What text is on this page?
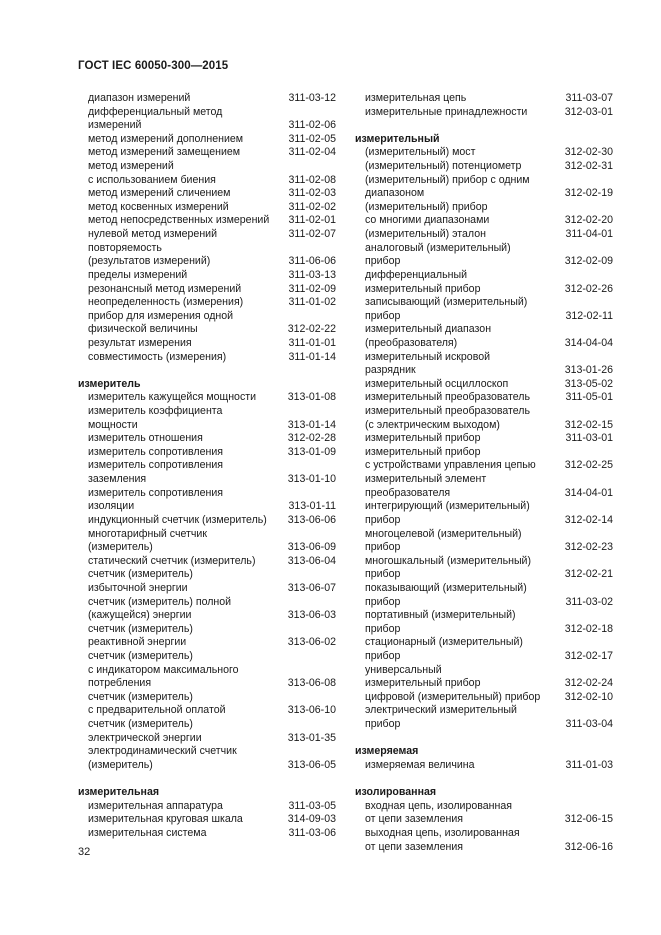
ГОСТ IEC 60050-300—2015
диапазон измерений	311-03-12
дифференциальный метод
измерений	311-02-06
метод измерений дополнением	311-02-05
метод измерений замещением	311-02-04
метод измерений
с использованием биения	311-02-08
метод измерений сличением	311-02-03
метод косвенных измерений	311-02-02
метод непосредственных измерений 311-02-01
нулевой метод измерений	311-02-07
повторяемость
(результатов измерений)	311-06-06
пределы измерений	311-03-13
резонансный метод измерений	311-02-09
неопределенность (измерения)	311-01-02
прибор для измерения одной
физической величины	312-02-22
результат измерения	311-01-01
совместимость (измерения)	311-01-14
измеритель
измеритель кажущейся мощности	313-01-08
измеритель коэффициента
мощности	313-01-14
измеритель отношения	312-02-28
измеритель сопротивления	313-01-09
измеритель сопротивления
заземления	313-01-10
измеритель сопротивления
изоляции	313-01-11
индукционный счетчик (измеритель) 313-06-06
многотарифный счетчик
(измеритель)	313-06-09
статический счетчик (измеритель)	313-06-04
счетчик (измеритель)
избыточной энергии	313-06-07
счетчик (измеритель) полной
(кажущейся) энергии	313-06-03
счетчик (измеритель)
реактивной энергии	313-06-02
счетчик (измеритель)
с индикатором максимального
потребления	313-06-08
счетчик (измеритель)
с предварительной оплатой	313-06-10
счетчик (измеритель)
электрической энергии	313-01-35
электродинамический счетчик
(измеритель)	313-06-05
измерительная
измерительная аппаратура	311-03-05
измерительная круговая шкала	314-09-03
измерительная система	311-03-06
измерительная цепь	311-03-07
измерительные принадлежности	312-03-01
измерительный
(измерительный) мост	312-02-30
(измерительный) потенциометр	312-02-31
(измерительный) прибор с одним
диапазоном	312-02-19
(измерительный) прибор
со многими диапазонами	312-02-20
(измерительный) эталон	311-04-01
аналоговый (измерительный)
прибор	312-02-09
дифференциальный
измерительный прибор	312-02-26
записывающий (измерительный)
прибор	312-02-11
измерительный диапазон
(преобразователя)	314-04-04
измерительный искровой
разрядник	313-01-26
измерительный осциллоскоп	313-05-02
измерительный преобразователь	311-05-01
измерительный преобразователь
(с электрическим выходом)	312-02-15
измерительный прибор	311-03-01
измерительный прибор
с устройствами управления цепью	312-02-25
измерительный элемент
преобразователя	314-04-01
интегрирующий (измерительный)
прибор	312-02-14
многоцелевой (измерительный)
прибор	312-02-23
многошкальный (измерительный)
прибор	312-02-21
показывающий (измерительный)
прибор	311-03-02
портативный (измерительный)
прибор	312-02-18
стационарный (измерительный)
прибор	312-02-17
универсальный
измерительный прибор	312-02-24
цифровой (измерительный) прибор 312-02-10
электрический измерительный
прибор	311-03-04
измеряемая
измеряемая величина	311-01-03
изолированная
входная цепь, изолированная
от цепи заземления	312-06-15
выходная цепь, изолированная
от цепи заземления	312-06-16
32
